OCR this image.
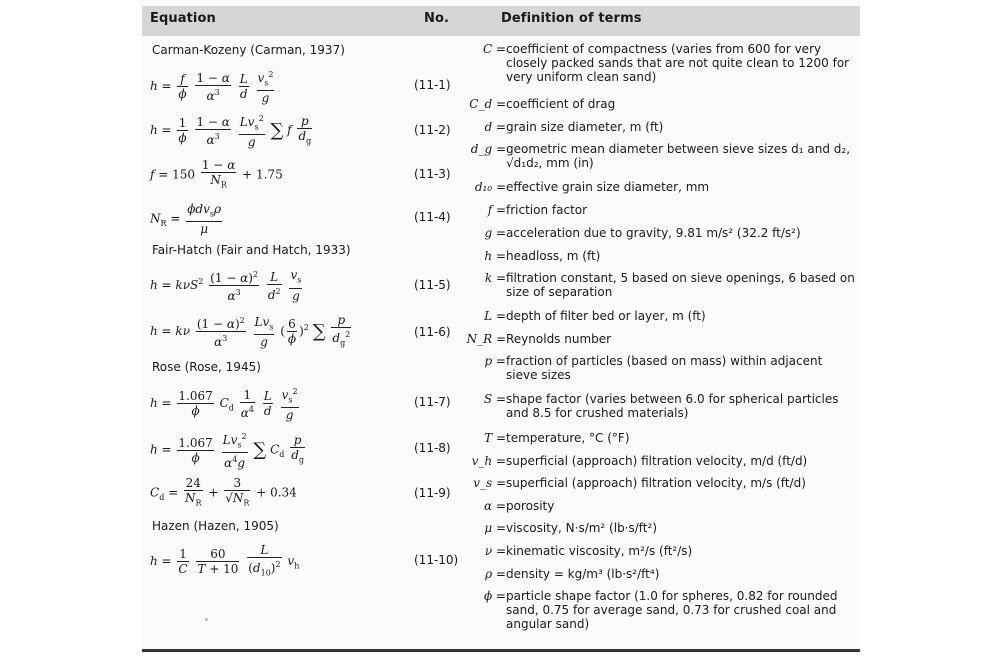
Equation	No.	Definition of terms
Carman-Kozeny (Carman, 1937)
Fair-Hatch (Fair and Hatch, 1933)
Rose (Rose, 1945)
Hazen (Hazen, 1905)
$h = \frac{f}{\phi}$
$\frac{1 - \alpha}{\alpha^3}$
$\frac{L}{d}$
$\frac{v_s^2}{g}$
$h = \frac{1}{\phi}$
$\frac{1 - \alpha}{\alpha^3}$
$\frac{Lv_s^2}{g}$ ∑ f $\frac{p}{d_g}$
$f = 150 \frac{1 - \alpha}{N_R} + 1.75$
$N_R = \frac{\phi dv_s\rho}{\mu}$
$h = k\nu S^2 \frac{(1 - \alpha)^2}{\alpha^3}$
$\frac{L}{d^2}$
$\frac{v_s}{g}$
h = kν $\frac{(1 - \alpha)^2}{\alpha^3}$
$\frac{Lv_s}{g}$ ( $\frac{6}{\phi} )^2$ ∑ $\frac{p}{d_g^2}$
$h = \frac{1.067}{\phi} C_d \frac{1}{\alpha^4}$
$\frac{L}{d}$
$\frac{v_s^2}{g}$
$h = \frac{1.067}{\phi}$
$\frac{Lv_s^2}{\alpha^4g}$ ∑ $C_d \frac{p}{d_g}$
$C_d = \frac{24}{N_R} + \frac{3}{√N_R} + 0.34$
$h = \frac{1}{C}$
$\frac{60}{T + 10}$
$\frac{L}{(d_{10})^2} v_h$
(11-1)
(11-2)
(11-3)
(11-4)
(11-5)
(11-6)
(11-7)
(11-8)
(11-9)
(11-10)
C = coefficient of compactness (varies from 600 for very closely packed sands that are not quite clean to 1200 for very uniform clean sand)
C_d = coefficient of drag
d = grain size diameter, m (ft)
d_g = geometric mean diameter between sieve sizes d₁ and d₂, √d₁d₂, mm (in)
d₁₀ = effective grain size diameter, mm
f = friction factor
g = acceleration due to gravity, 9.81 m/s² (32.2 ft/s²)
h = headloss, m (ft)
k = filtration constant, 5 based on sieve openings, 6 based on size of separation
L = depth of filter bed or layer, m (ft)
N_R = Reynolds number
p = fraction of particles (based on mass) within adjacent sieve sizes
S = shape factor (varies between 6.0 for spherical particles and 8.5 for crushed materials)
T = temperature, °C (°F)
v_h = superficial (approach) filtration velocity, m/d (ft/d)
v_s = superficial (approach) filtration velocity, m/s (ft/d)
α = porosity
μ = viscosity, N·s/m² (lb·s/ft²)
ν = kinematic viscosity, m²/s (ft²/s)
ρ = density = kg/m³ (lb·s²/ft⁴)
ϕ = particle shape factor (1.0 for spheres, 0.82 for rounded sand, 0.75 for average sand, 0.73 for crushed coal and angular sand)
